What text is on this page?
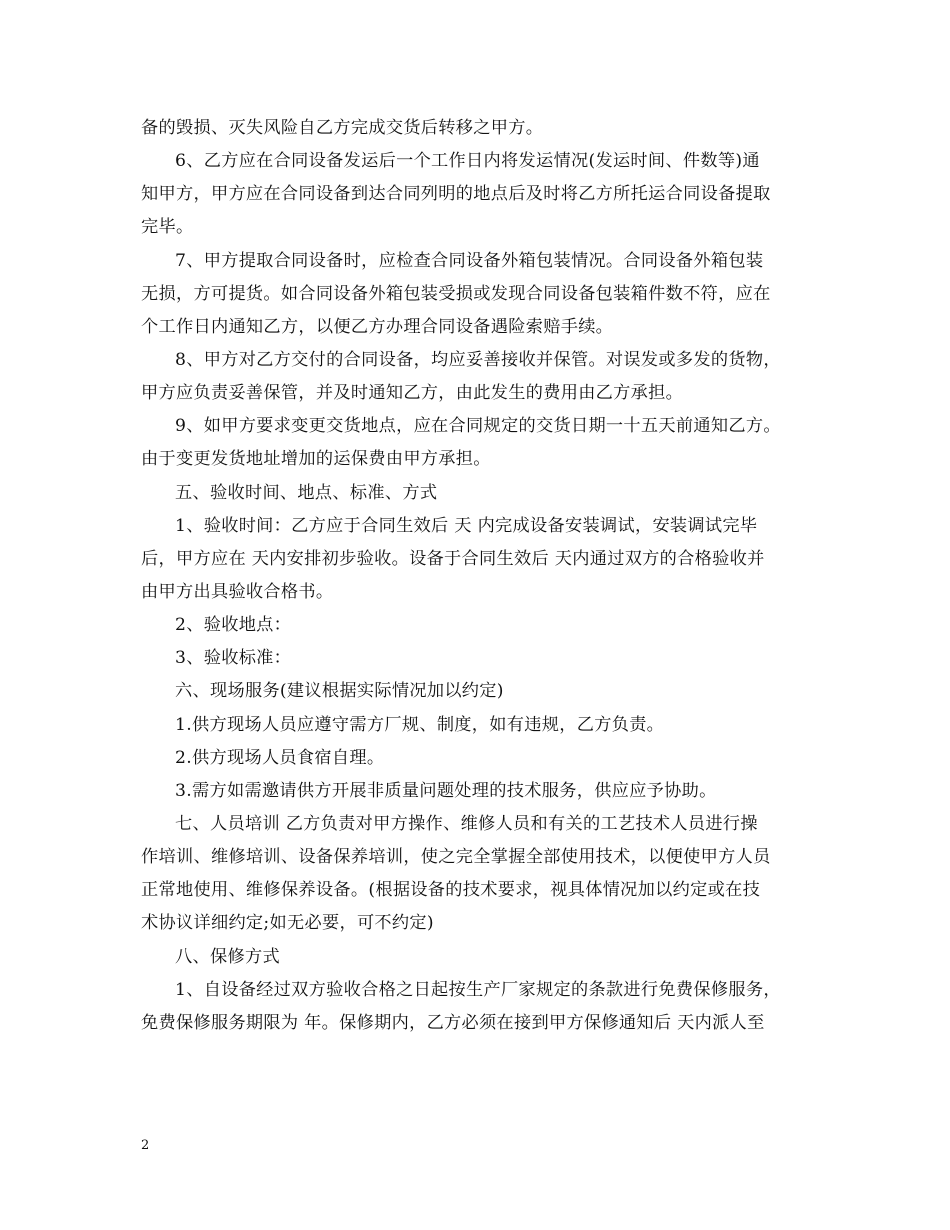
备的毁损、灭失风险自乙方完成交货后转移之甲方。
6、乙方应在合同设备发运后一个工作日内将发运情况(发运时间、件数等)通
知甲方，甲方应在合同设备到达合同列明的地点后及时将乙方所托运合同设备提取
完毕。
7、甲方提取合同设备时，应检查合同设备外箱包装情况。合同设备外箱包装
无损，方可提货。如合同设备外箱包装受损或发现合同设备包装箱件数不符，应在
个工作日内通知乙方，以便乙方办理合同设备遇险索赔手续。
8、甲方对乙方交付的合同设备，均应妥善接收并保管。对误发或多发的货物，
甲方应负责妥善保管，并及时通知乙方，由此发生的费用由乙方承担。
9、如甲方要求变更交货地点，应在合同规定的交货日期一十五天前通知乙方。
由于变更发货地址增加的运保费由甲方承担。
五、验收时间、地点、标准、方式
1、验收时间：乙方应于合同生效后 天 内完成设备安装调试，安装调试完毕
后，甲方应在 天内安排初步验收。设备于合同生效后 天内通过双方的合格验收并
由甲方出具验收合格书。
2、验收地点：
3、验收标准：
六、现场服务(建议根据实际情况加以约定)
1.供方现场人员应遵守需方厂规、制度，如有违规，乙方负责。
2.供方现场人员食宿自理。
3.需方如需邀请供方开展非质量问题处理的技术服务，供应应予协助。
七、人员培训 乙方负责对甲方操作、维修人员和有关的工艺技术人员进行操
作培训、维修培训、设备保养培训，使之完全掌握全部使用技术，以便使甲方人员
正常地使用、维修保养设备。(根据设备的技术要求，视具体情况加以约定或在技
术协议详细约定;如无必要，可不约定)
八、保修方式
1、自设备经过双方验收合格之日起按生产厂家规定的条款进行免费保修服务，
免费保修服务期限为 年。保修期内，乙方必须在接到甲方保修通知后 天内派人至
2
